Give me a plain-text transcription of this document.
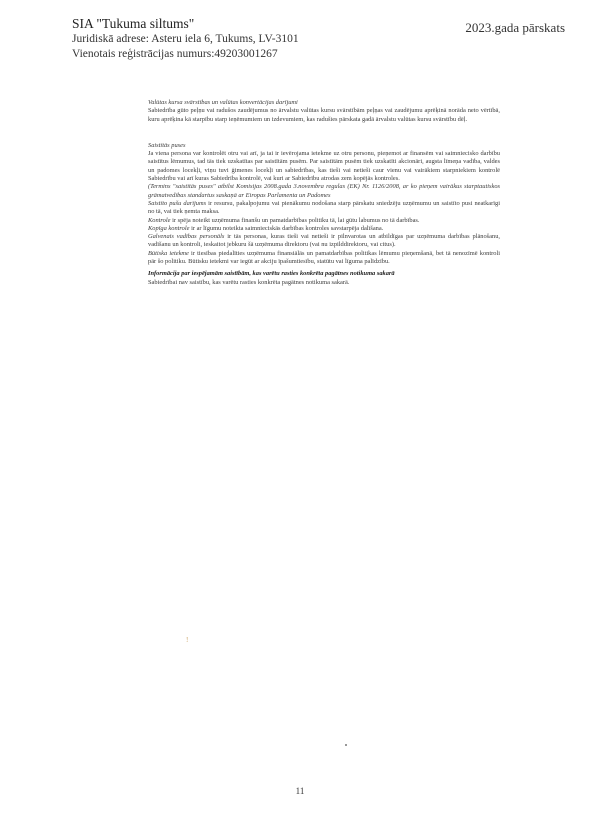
SIA "Tukuma siltums"
Juridiskā adrese: Asteru iela 6, Tukums, LV-3101
Vienotais reģistrācijas numurs:49203001267
2023.gada pārskats

Valūtas kursa svārstības un valūtas konvertācijas darījumi

Sabiedrība gūto peļņu vai radušos zaudējumus no ārvalstu valūtas kursu svārstībām peļņas vai zaudējumu aprēķinā norāda neto vērtībā, kuru aprēķina kā starpību starp ieņēmumiem un izdevumiem, kas radušies pārskata gadā ārvalstu valūtas kursu svārstību dēļ.

Saistītās puses

Ja viena persona var kontrolēt otru vai arī, ja tai ir ievērojama ietekme uz otru personu, pieņemot ar finansēm vai saimniecisko darbību saistītus lēmumus, tad tās tiek uzskatītas par saistītām pusēm. Par saistītām pusēm tiek uzskatīti akcionāri, augsta līmeņa vadība, valdes un padomes locekļi, viņu tuvi ģimenes locekļi un sabiedrības, kas tieši vai netieši caur vienu vai vairākiem starpniekiem kontrolē Sabiedrību vai arī kuras Sabiedrība kontrolē, vai kuri ar Sabiedrību atrodas zem kopējās kontroles.

(Termins "saistītās puses" atbilst Komisijas 2008.gada 3.novembra regulas (EK) Nr. 1126/2008, ar ko pieņem vairākus starptautiskos grāmatvedības standartus saskaņā ar Eiropas Parlamenta un Padomes

Saistīto pušu darījums ir resursu, pakalpojumu vai pienākumu nodošana starp pārskatu sniedzēju uzņēmumu un saistīto pusi neatkarīgi no tā, vai tiek ņemta maksa.

Kontrole ir spēja noteikt uzņēmuma finanšu un pamatdarbības politiku tā, lai gūtu labumus no tā darbības.

Kopīga kontrole ir ar līgumu noteikta saimnieciskās darbības kontroles savstarpēja dalīšana.

Galvenais vadības personāls ir tās personas, kuras tieši vai netieši ir pilnvarotas un atbildīgas par uzņēmuma darbības plānošanu, vadīšanu un kontroli, ieskaitot jebkuru šā uzņēmuma direktoru (vai nu izpilddirektoru, vai citus).

Būtiska ietekme ir tiesības piedalīties uzņēmuma finansiālās un pamatdarbības politikas lēmumu pieņemšanā, bet tā nenozīmē kontroli pār šo politiku. Būtisku ietekmi var iegūt ar akciju īpašumtiesību, statūtu vai līguma palīdzību.

Informācija par iespējamām saistībām, kas varētu rasties konkrēta pagātnes notikuma sakarā

Sabiedrībai nav saistību, kas varētu rasties konkrēta pagātnes notikuma sakarā.

ǃ
11
